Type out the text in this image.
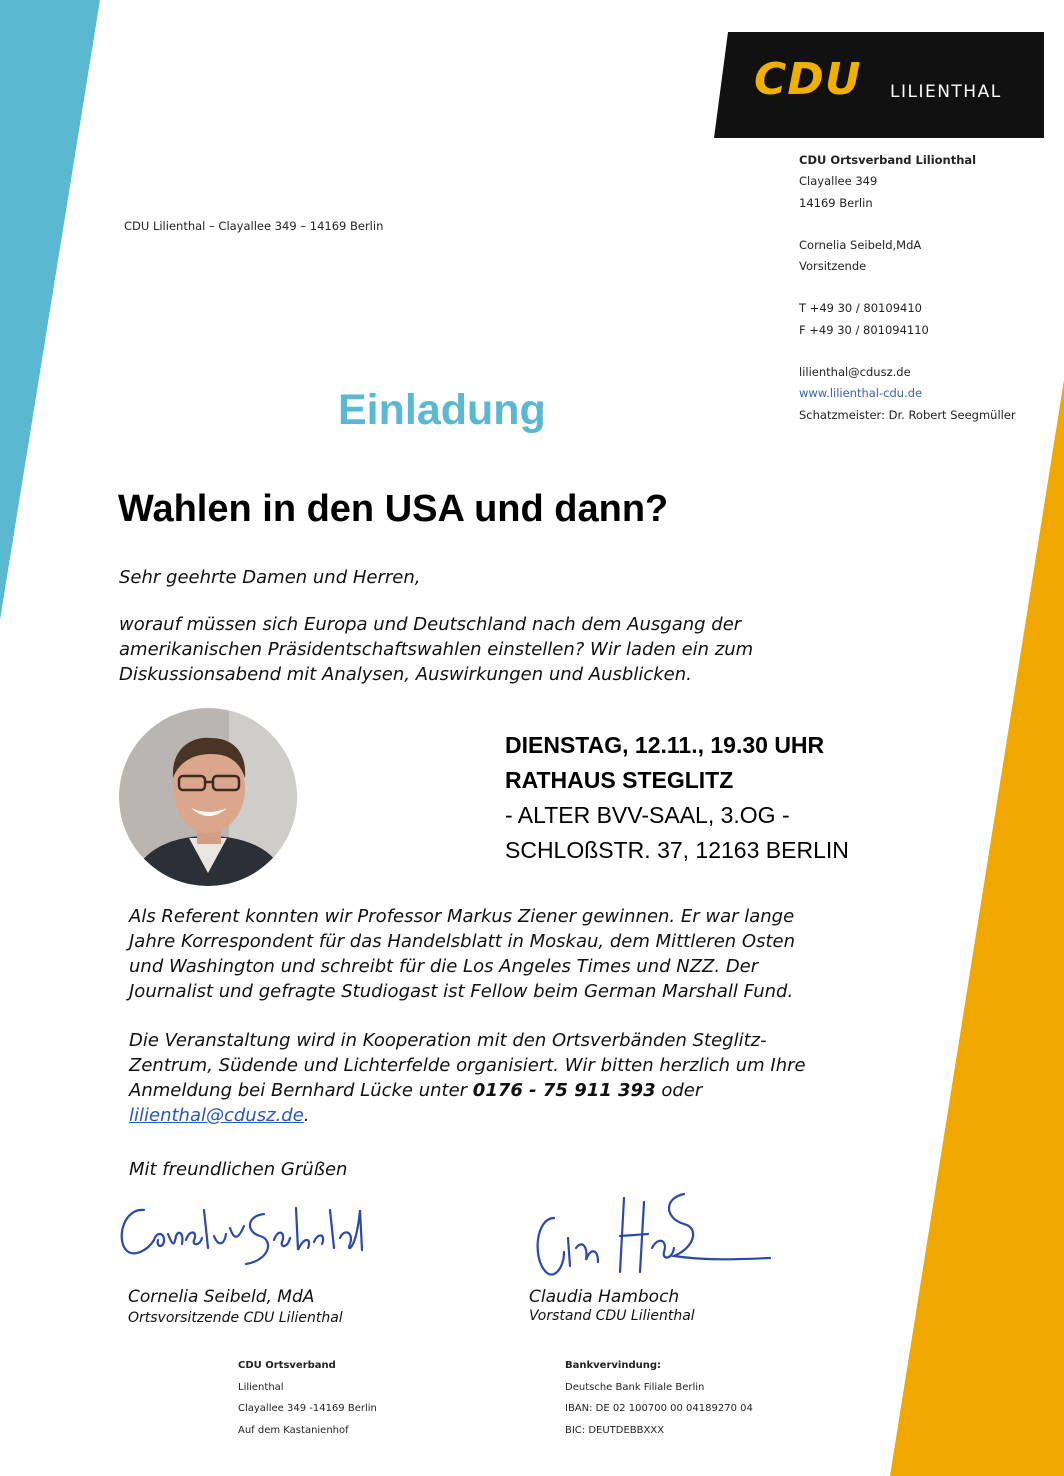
CDU LILIENTHAL
CDU Ortsverband Lilionthal
Clayallee 349
14169 Berlin
Cornelia Seibeld,MdA
Vorsitzende
T +49 30 / 80109410
F +49 30 / 801094110
lilienthal@cdusz.de
www.lilienthal-cdu.de
Schatzmeister: Dr. Robert Seegmüller
CDU Lilienthal – Clayallee 349 – 14169 Berlin
Einladung
Wahlen in den USA und dann?
Sehr geehrte Damen und Herren,
worauf müssen sich Europa und Deutschland nach dem Ausgang der
amerikanischen Präsidentschaftswahlen einstellen? Wir laden ein zum
Diskussionsabend mit Analysen, Auswirkungen und Ausblicken.
DIENSTAG, 12.11., 19.30 UHR
RATHAUS STEGLITZ
- ALTER BVV-SAAL, 3.OG -
SCHLOßSTR. 37, 12163 BERLIN
Als Referent konnten wir Professor Markus Ziener gewinnen. Er war lange
Jahre Korrespondent für das Handelsblatt in Moskau, dem Mittleren Osten
und Washington und schreibt für die Los Angeles Times und NZZ. Der
Journalist und gefragte Studiogast ist Fellow beim German Marshall Fund.
Die Veranstaltung wird in Kooperation mit den Ortsverbänden Steglitz-
Zentrum, Südende und Lichterfelde organisiert. Wir bitten herzlich um Ihre
Anmeldung bei Bernhard Lücke unter 0176 - 75 911 393 oder
lilienthal@cdusz.de.
Mit freundlichen Grüßen
Cornelia Seibeld, MdA
Ortsvorsitzende CDU Lilienthal
Claudia Hamboch
Vorstand CDU Lilienthal
CDU Ortsverband
Lilienthal
Clayallee 349 -14169 Berlin
Auf dem Kastanienhof
Bankvervindung:
Deutsche Bank Filiale Berlin
IBAN: DE 02 100700 00 04189270 04
BIC: DEUTDEBBXXX
